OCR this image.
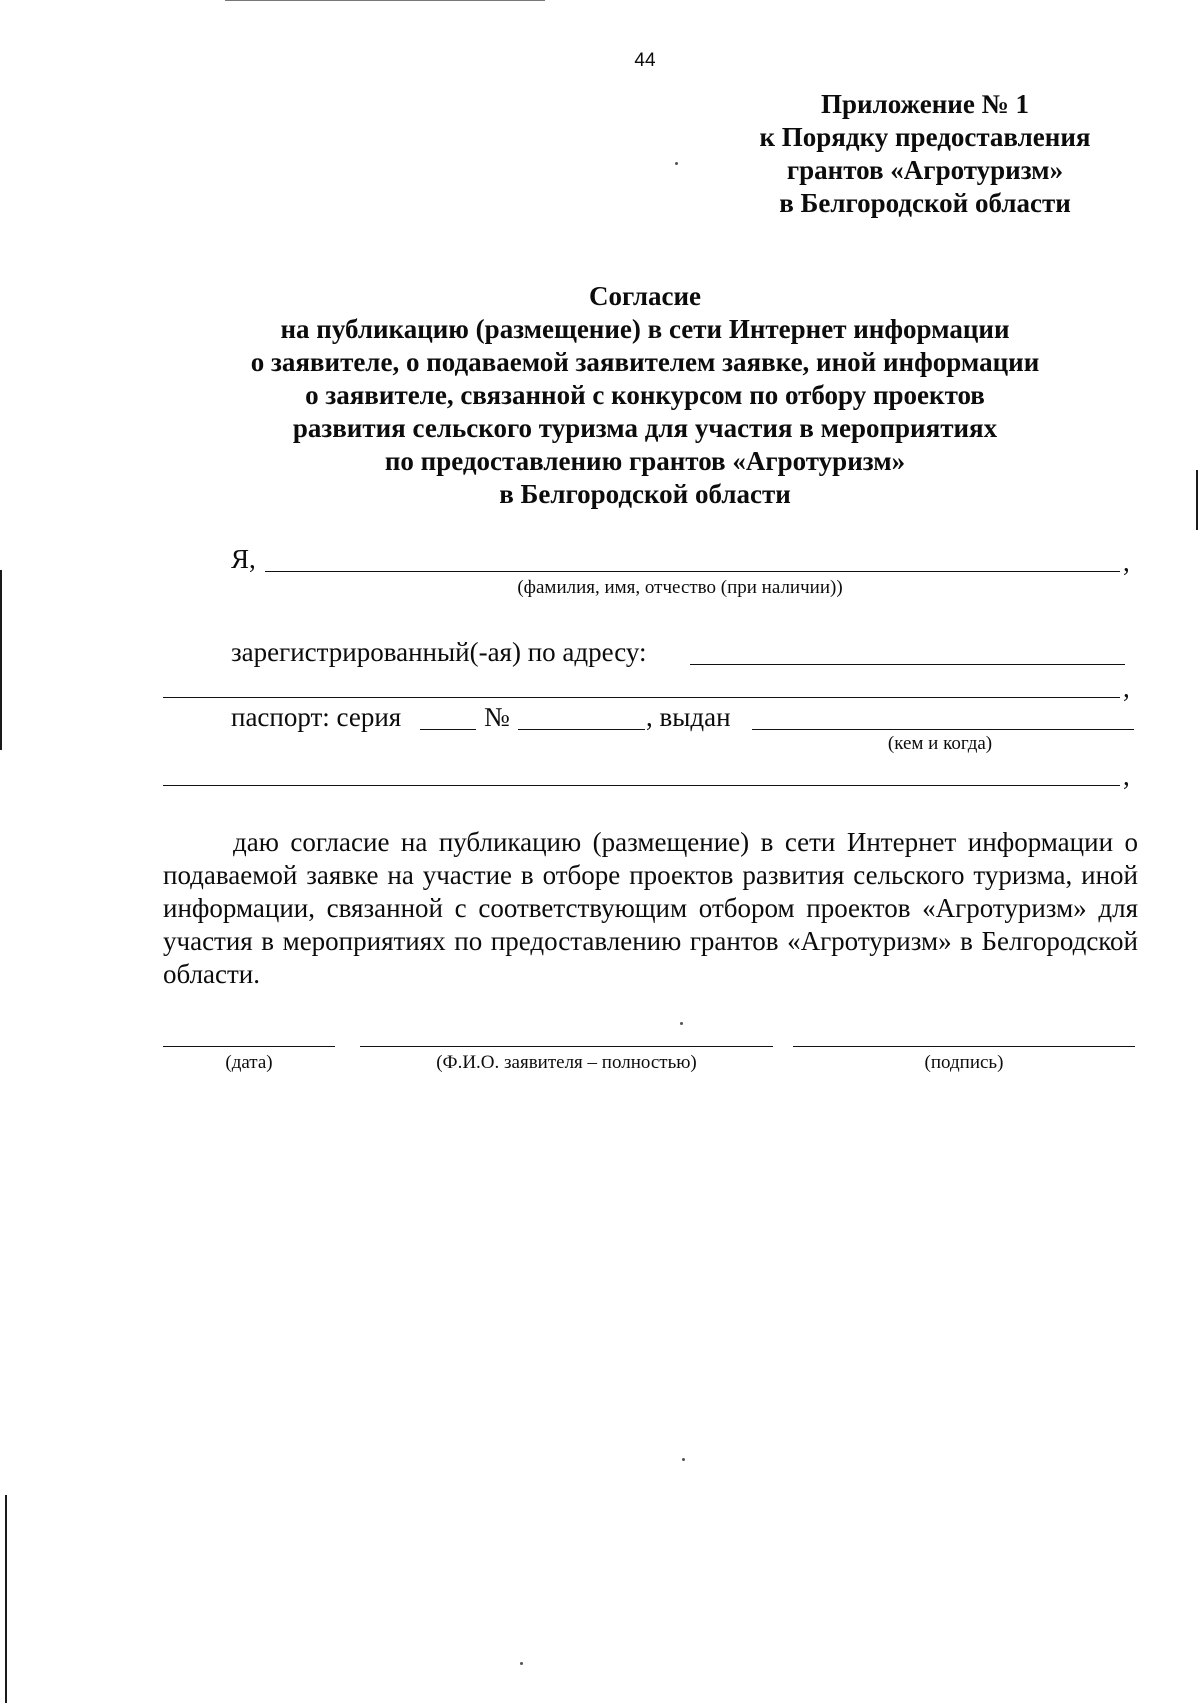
44
Приложение № 1
к Порядку предоставления
грантов «Агротуризм»
в Белгородской области
Согласие
на публикацию (размещение) в сети Интернет информации
о заявителе, о подаваемой заявителем заявке, иной информации
о заявителе, связанной с конкурсом по отбору проектов
развития сельского туризма для участия в мероприятиях
по предоставлению грантов «Агротуризм»
в Белгородской области
Я,	,
(фамилия, имя, отчество (при наличии))
зарегистрированный(-ая) по адресу:
,
паспорт: серия	№	, выдан
(кем и когда)
,
даю согласие на публикацию (размещение) в сети Интернет информации о подаваемой заявке на участие в отборе проектов развития сельского туризма, иной информации, связанной с соответствующим отбором проектов «Агротуризм» для участия в мероприятиях по предоставлению грантов «Агротуризм» в Белгородской области.
(дата)	(Ф.И.О. заявителя – полностью)	(подпись)
